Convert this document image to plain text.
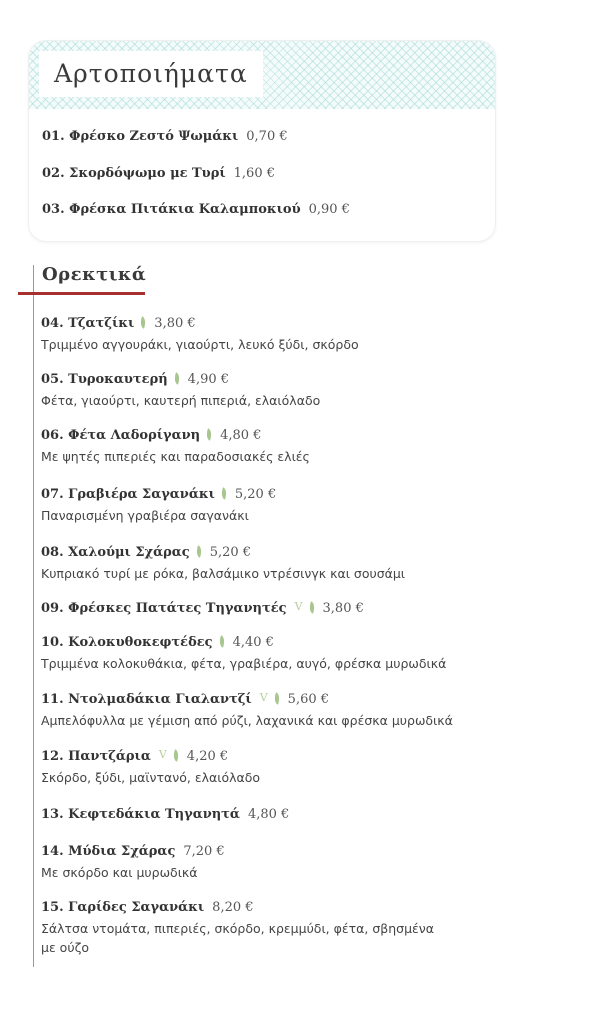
Αρτοποιήματα
01. Φρέσκο Ζεστό Ψωμάκι 0,70 €
02. Σκορδόψωμο με Τυρί 1,60 €
03. Φρέσκα Πιτάκια Καλαμποκιού 0,90 €
Ορεκτικά
04. Τζατζίκι 3,80 €
Τριμμένο αγγουράκι, γιαούρτι, λευκό ξύδι, σκόρδο
05. Τυροκαυτερή 4,90 €
Φέτα, γιαούρτι, καυτερή πιπεριά, ελαιόλαδο
06. Φέτα Λαδορίγανη 4,80 €
Με ψητές πιπεριές και παραδοσιακές ελιές
07. Γραβιέρα Σαγανάκι 5,20 €
Παναρισμένη γραβιέρα σαγανάκι
08. Χαλούμι Σχάρας 5,20 €
Κυπριακό τυρί με ρόκα, βαλσάμικο ντρέσινγκ και σουσάμι
09. Φρέσκες Πατάτες Τηγανητές V 3,80 €
10. Κολοκυθοκεφτέδες 4,40 €
Τριμμένα κολοκυθάκια, φέτα, γραβιέρα, αυγό, φρέσκα μυρωδικά
11. Ντολμαδάκια Γιαλαντζί V 5,60 €
Αμπελόφυλλα με γέμιση από ρύζι, λαχανικά και φρέσκα μυρωδικά
12. Παντζάρια V 4,20 €
Σκόρδο, ξύδι, μαϊντανό, ελαιόλαδο
13. Κεφτεδάκια Τηγανητά 4,80 €
14. Μύδια Σχάρας 7,20 €
Με σκόρδο και μυρωδικά
15. Γαρίδες Σαγανάκι 8,20 €
Σάλτσα ντομάτα, πιπεριές, σκόρδο, κρεμμύδι, φέτα, σβησμένα με ούζο
